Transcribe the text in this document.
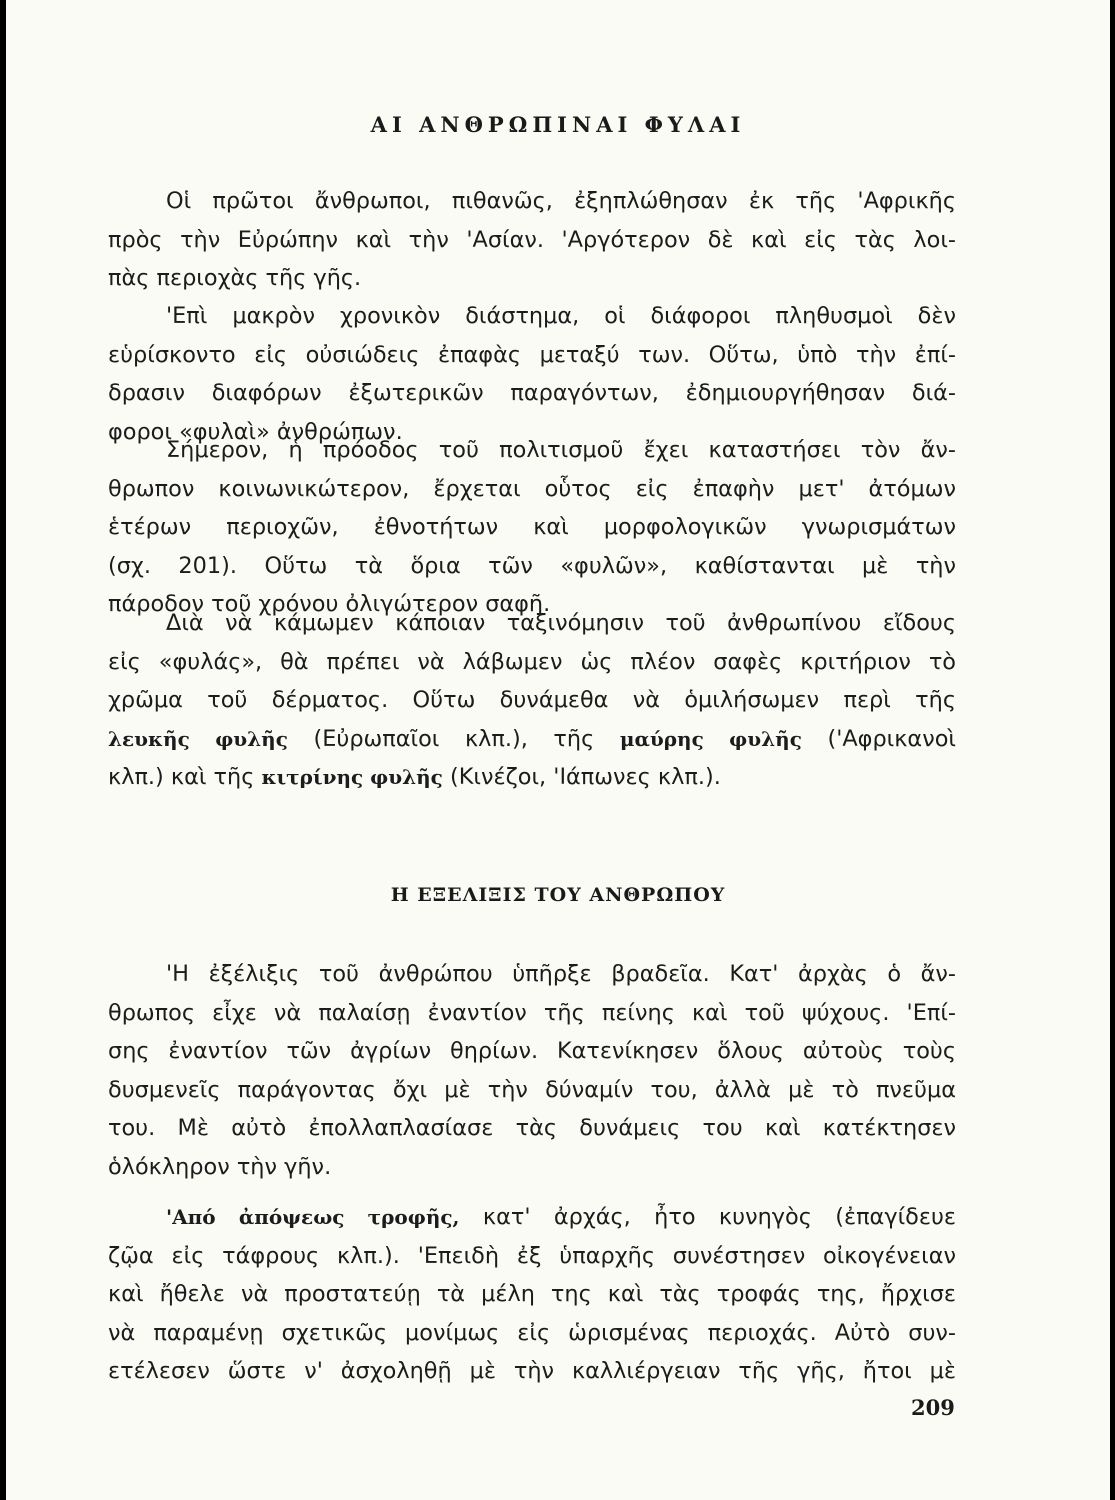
ΑΙ ΑΝΘΡΩΠΙΝΑΙ ΦΥΛΑΙ
Οἱ πρῶτοι ἄνθρωποι, πιθανῶς, ἐξηπλώθησαν ἐκ τῆς 'Αφρικῆς
πρὸς τὴν Εὐρώπην καὶ τὴν 'Ασίαν. 'Αργότερον δὲ καὶ εἰς τὰς λοι-
πὰς περιοχὰς τῆς γῆς.
'Επὶ μακρὸν χρονικὸν διάστημα, οἱ διάφοροι πληθυσμοὶ δὲν
εὑρίσκοντο εἰς οὐσιώδεις ἐπαφὰς μεταξύ των. Οὕτω, ὑπὸ τὴν ἐπί-
δρασιν διαφόρων ἐξωτερικῶν παραγόντων, ἐδημιουργήθησαν διά-
φοροι «φυλαὶ» ἀνθρώπων.
Σήμερον, ἡ πρόοδος τοῦ πολιτισμοῦ ἔχει καταστήσει τὸν ἄν-
θρωπον κοινωνικώτερον, ἔρχεται οὗτος εἰς ἐπαφὴν μετ' ἀτόμων
ἑτέρων περιοχῶν, ἐθνοτήτων καὶ μορφολογικῶν γνωρισμάτων
(σχ. 201). Οὕτω τὰ ὅρια τῶν «φυλῶν», καθίστανται μὲ τὴν
πάροδον τοῦ χρόνου ὀλιγώτερον σαφῆ.
Διὰ νὰ κάμωμεν κάποιαν ταξινόμησιν τοῦ ἀνθρωπίνου εἴδους
εἰς «φυλάς», θὰ πρέπει νὰ λάβωμεν ὡς πλέον σαφὲς κριτήριον τὸ
χρῶμα τοῦ δέρματος. Οὕτω δυνάμεθα νὰ ὁμιλήσωμεν περὶ τῆς
λευκῆς φυλῆς (Εὐρωπαῖοι κλπ.), τῆς μαύρης φυλῆς ('Αφρικανοὶ
κλπ.) καὶ τῆς κιτρίνης φυλῆς (Κινέζοι, 'Ιάπωνες κλπ.).
Η ΕΞΕΛΙΞΙΣ ΤΟΥ ΑΝΘΡΩΠΟΥ
'Η ἐξέλιξις τοῦ ἀνθρώπου ὑπῆρξε βραδεῖα. Κατ' ἀρχὰς ὁ ἄν-
θρωπος εἶχε νὰ παλαίσῃ ἐναντίον τῆς πείνης καὶ τοῦ ψύχους. 'Επί-
σης ἐναντίον τῶν ἀγρίων θηρίων. Κατενίκησεν ὅλους αὐτοὺς τοὺς
δυσμενεῖς παράγοντας ὄχι μὲ τὴν δύναμίν του, ἀλλὰ μὲ τὸ πνεῦμα
του. Μὲ αὐτὸ ἐπολλαπλασίασε τὰς δυνάμεις του καὶ κατέκτησεν
ὁλόκληρον τὴν γῆν.
'Από ἀπόψεως τροφῆς, κατ' ἀρχάς, ἦτο κυνηγὸς (ἐπαγίδευε
ζῷα εἰς τάφρους κλπ.). 'Επειδὴ ἐξ ὑπαρχῆς συνέστησεν οἰκογένειαν
καὶ ἤθελε νὰ προστατεύῃ τὰ μέλη της καὶ τὰς τροφάς της, ἤρχισε
νὰ παραμένῃ σχετικῶς μονίμως εἰς ὡρισμένας περιοχάς. Αὐτὸ συν-
ετέλεσεν ὥστε ν' ἀσχοληθῇ μὲ τὴν καλλιέργειαν τῆς γῆς, ἤτοι μὲ
209
